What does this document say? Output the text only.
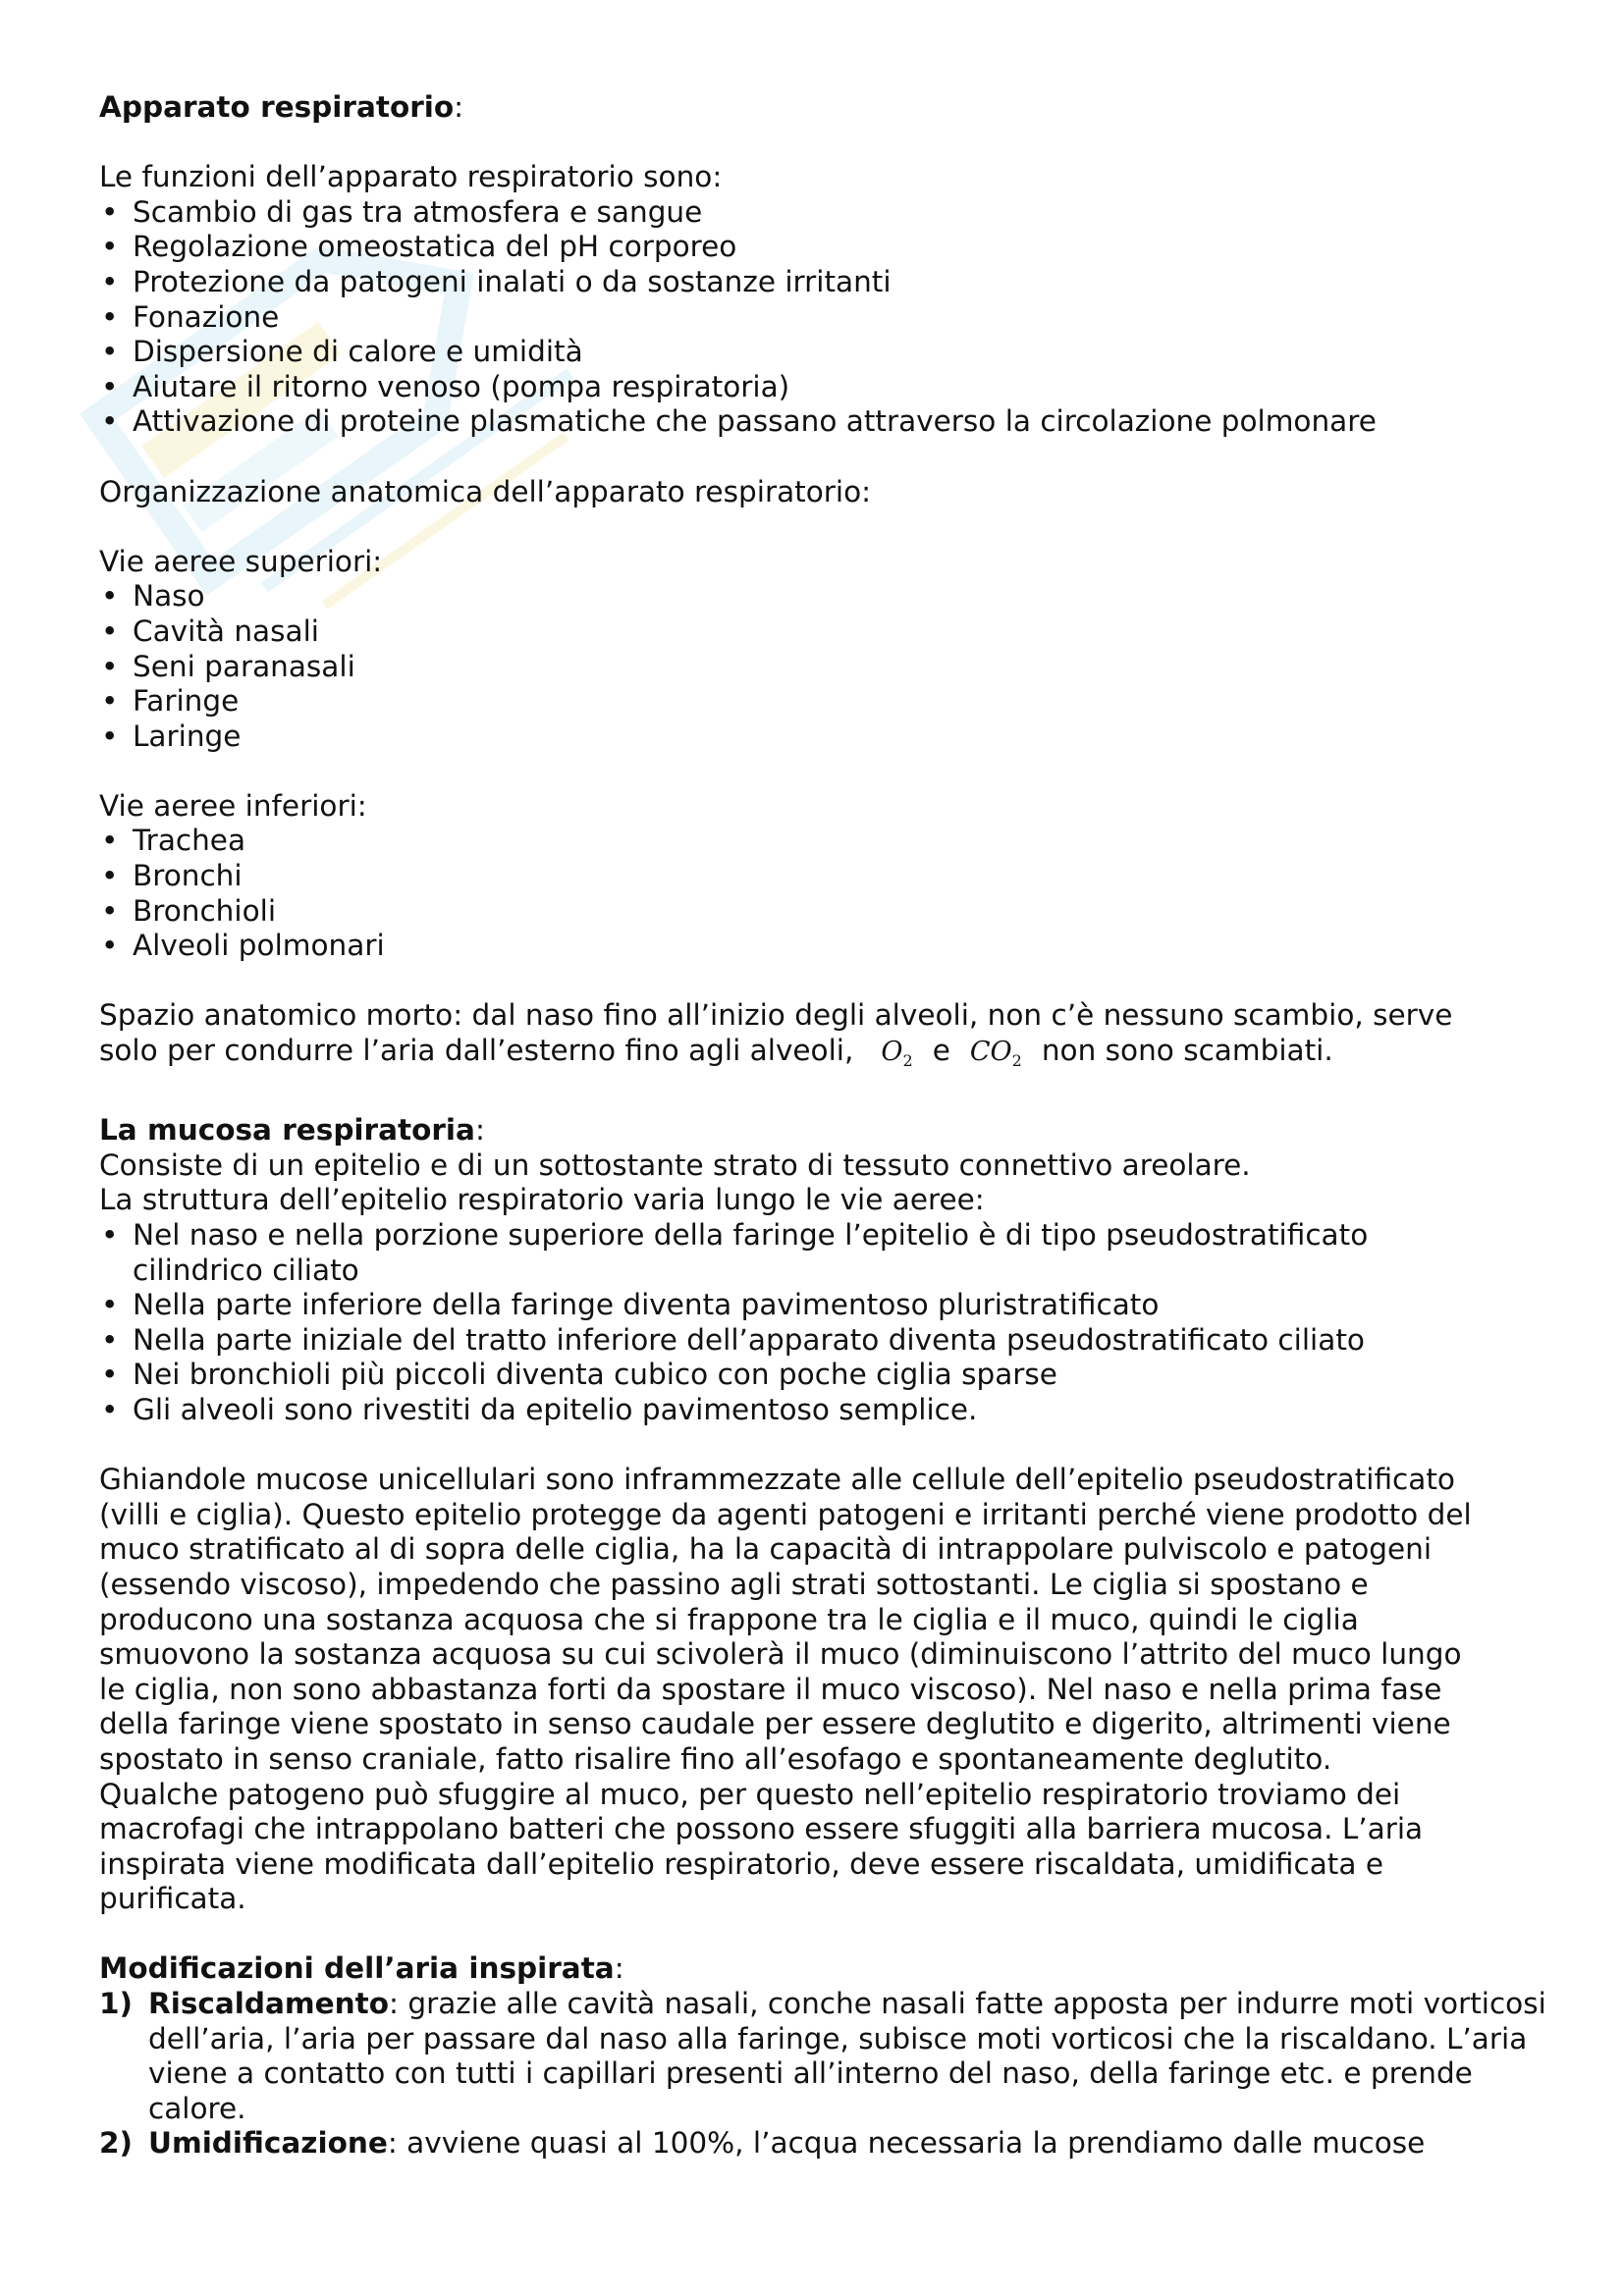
Apparato respiratorio:

Le funzioni dell’apparato respiratorio sono:

• Scambio di gas tra atmosfera e sangue
• Regolazione omeostatica del pH corporeo
• Protezione da patogeni inalati o da sostanze irritanti
• Fonazione
• Dispersione di calore e umidità
• Aiutare il ritorno venoso (pompa respiratoria)
• Attivazione di proteine plasmatiche che passano attraverso la circolazione polmonare

Organizzazione anatomica dell’apparato respiratorio:

Vie aeree superiori:

• Naso
• Cavità nasali
• Seni paranasali
• Faringe
• Laringe

Vie aeree inferiori:

• Trachea
• Bronchi
• Bronchioli
• Alveoli polmonari

Spazio anatomico morto: dal naso fino all’inizio degli alveoli, non c’è nessuno scambio, serve

solo per condurre l’aria dall’esterno fino agli alveoli, $O_2$ e $CO_2$ non sono scambiati.

La mucosa respiratoria:

Consiste di un epitelio e di un sottostante strato di tessuto connettivo areolare.

La struttura dell’epitelio respiratorio varia lungo le vie aeree:

• Nel naso e nella porzione superiore della faringe l’epitelio è di tipo pseudostratificato cilindrico ciliato
• Nella parte inferiore della faringe diventa pavimentoso pluristratificato
• Nella parte iniziale del tratto inferiore dell’apparato diventa pseudostratificato ciliato
• Nei bronchioli più piccoli diventa cubico con poche ciglia sparse
• Gli alveoli sono rivestiti da epitelio pavimentoso semplice.

Ghiandole mucose unicellulari sono inframmezzate alle cellule dell’epitelio pseudostratificato

(villi e ciglia). Questo epitelio protegge da agenti patogeni e irritanti perché viene prodotto del

muco stratificato al di sopra delle ciglia, ha la capacità di intrappolare pulviscolo e patogeni

(essendo viscoso), impedendo che passino agli strati sottostanti. Le ciglia si spostano e

producono una sostanza acquosa che si frappone tra le ciglia e il muco, quindi le ciglia

smuovono la sostanza acquosa su cui scivolerà il muco (diminuiscono l’attrito del muco lungo

le ciglia, non sono abbastanza forti da spostare il muco viscoso). Nel naso e nella prima fase

della faringe viene spostato in senso caudale per essere deglutito e digerito, altrimenti viene

spostato in senso craniale, fatto risalire fino all’esofago e spontaneamente deglutito.

Qualche patogeno può sfuggire al muco, per questo nell’epitelio respiratorio troviamo dei

macrofagi che intrappolano batteri che possono essere sfuggiti alla barriera mucosa. L’aria

inspirata viene modificata dall’epitelio respiratorio, deve essere riscaldata, umidificata e

purificata.

Modificazioni dell’aria inspirata:

1) Riscaldamento: grazie alle cavità nasali, conche nasali fatte apposta per indurre moti vorticosi dell’aria, l’aria per passare dal naso alla faringe, subisce moti vorticosi che la riscaldano. L’aria viene a contatto con tutti i capillari presenti all’interno del naso, della faringe etc. e prende calore.
2) Umidificazione: avviene quasi al 100%, l’acqua necessaria la prendiamo dalle mucose
